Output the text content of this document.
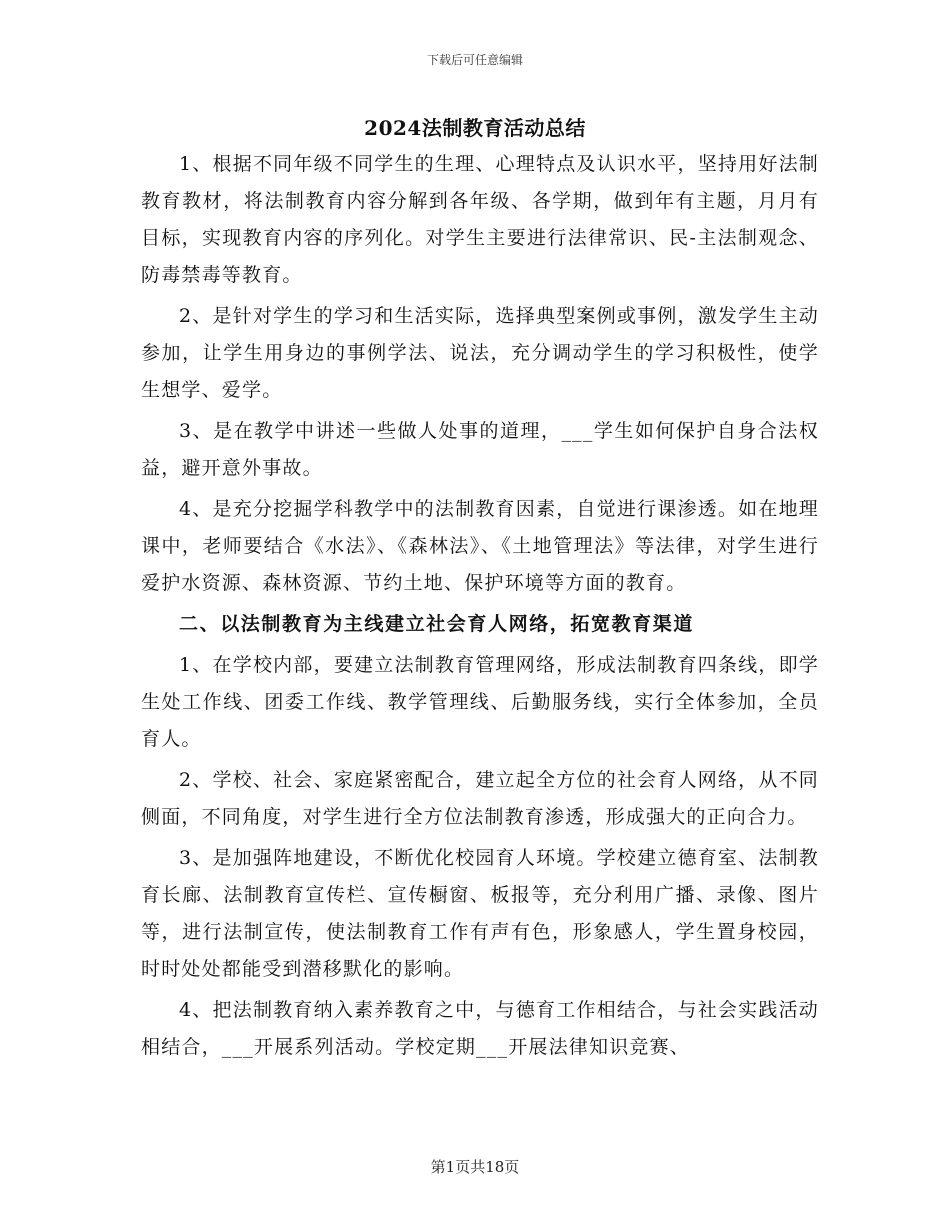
下载后可任意编辑
2024法制教育活动总结

1、根据不同年级不同学生的生理、心理特点及认识水平，坚持用好法制教育教材，将法制教育内容分解到各年级、各学期，做到年有主题，月月有目标，实现教育内容的序列化。对学生主要进行法律常识、民-主法制观念、防毒禁毒等教育。

2、是针对学生的学习和生活实际，选择典型案例或事例，激发学生主动参加，让学生用身边的事例学法、说法，充分调动学生的学习积极性，使学生想学、爱学。

3、是在教学中讲述一些做人处事的道理，___学生如何保护自身合法权益，避开意外事故。

4、是充分挖掘学科教学中的法制教育因素，自觉进行课渗透。如在地理课中，老师要结合《水法》、《森林法》、《土地管理法》等法律，对学生进行爱护水资源、森林资源、节约土地、保护环境等方面的教育。

二、以法制教育为主线建立社会育人网络，拓宽教育渠道

1、在学校内部，要建立法制教育管理网络，形成法制教育四条线，即学生处工作线、团委工作线、教学管理线、后勤服务线，实行全体参加，全员育人。

2、学校、社会、家庭紧密配合，建立起全方位的社会育人网络，从不同侧面，不同角度，对学生进行全方位法制教育渗透，形成强大的正向合力。

3、是加强阵地建设，不断优化校园育人环境。学校建立德育室、法制教育长廊、法制教育宣传栏、宣传橱窗、板报等，充分利用广播、录像、图片等，进行法制宣传，使法制教育工作有声有色，形象感人，学生置身校园，时时处处都能受到潜移默化的影响。

4、把法制教育纳入素养教育之中，与德育工作相结合，与社会实践活动相结合，___开展系列活动。学校定期___开展法律知识竞赛、

第1页共18页
